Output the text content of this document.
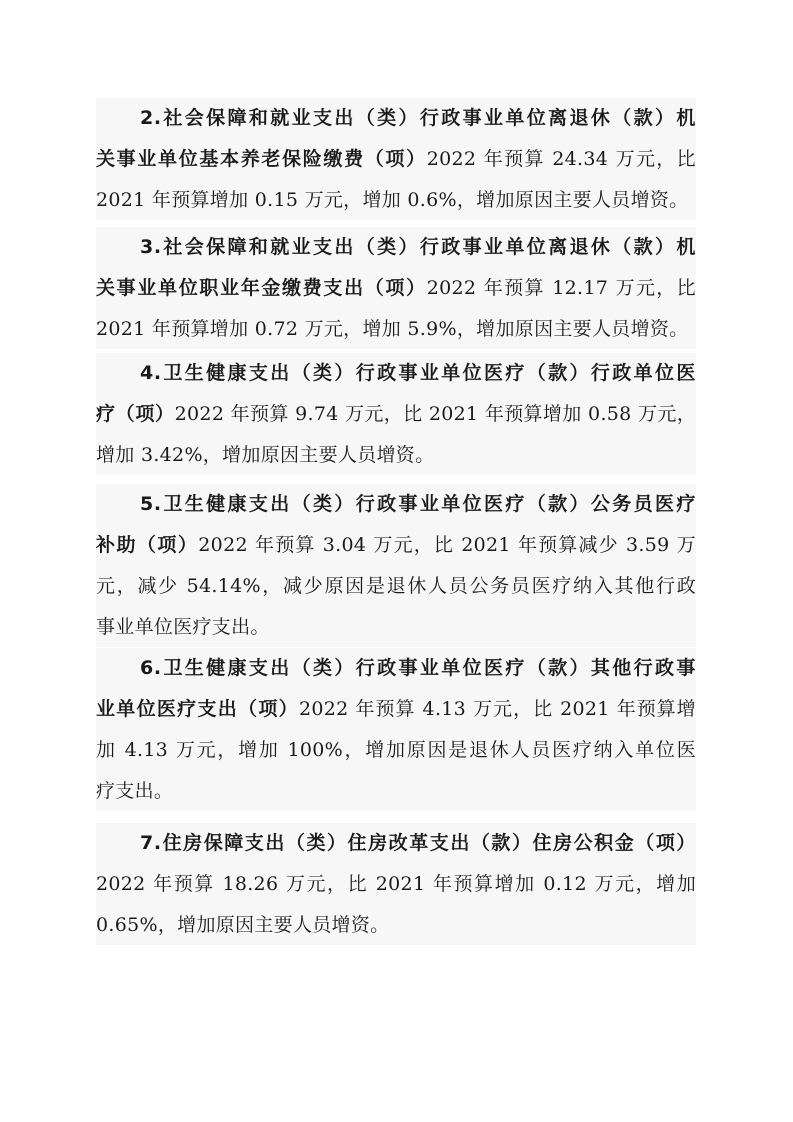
2.社会保障和就业支出（类）行政事业单位离退休（款）机
关事业单位基本养老保险缴费（项）2022 年预算 24.34 万元，比
2021 年预算增加 0.15 万元，增加 0.6%，增加原因主要人员增资。
3.社会保障和就业支出（类）行政事业单位离退休（款）机
关事业单位职业年金缴费支出（项）2022 年预算 12.17 万元，比
2021 年预算增加 0.72 万元，增加 5.9%，增加原因主要人员增资。
4.卫生健康支出（类）行政事业单位医疗（款）行政单位医
疗（项）2022 年预算 9.74 万元，比 2021 年预算增加 0.58 万元，
增加 3.42%，增加原因主要人员增资。
5.卫生健康支出（类）行政事业单位医疗（款）公务员医疗
补助（项）2022 年预算 3.04 万元，比 2021 年预算减少 3.59 万
元，减少 54.14%，减少原因是退休人员公务员医疗纳入其他行政
事业单位医疗支出。
6.卫生健康支出（类）行政事业单位医疗（款）其他行政事
业单位医疗支出（项）2022 年预算 4.13 万元，比 2021 年预算增
加 4.13 万元，增加 100%，增加原因是退休人员医疗纳入单位医
疗支出。
7.住房保障支出（类）住房改革支出（款）住房公积金（项）
2022 年预算 18.26 万元，比 2021 年预算增加 0.12 万元，增加
0.65%，增加原因主要人员增资。
